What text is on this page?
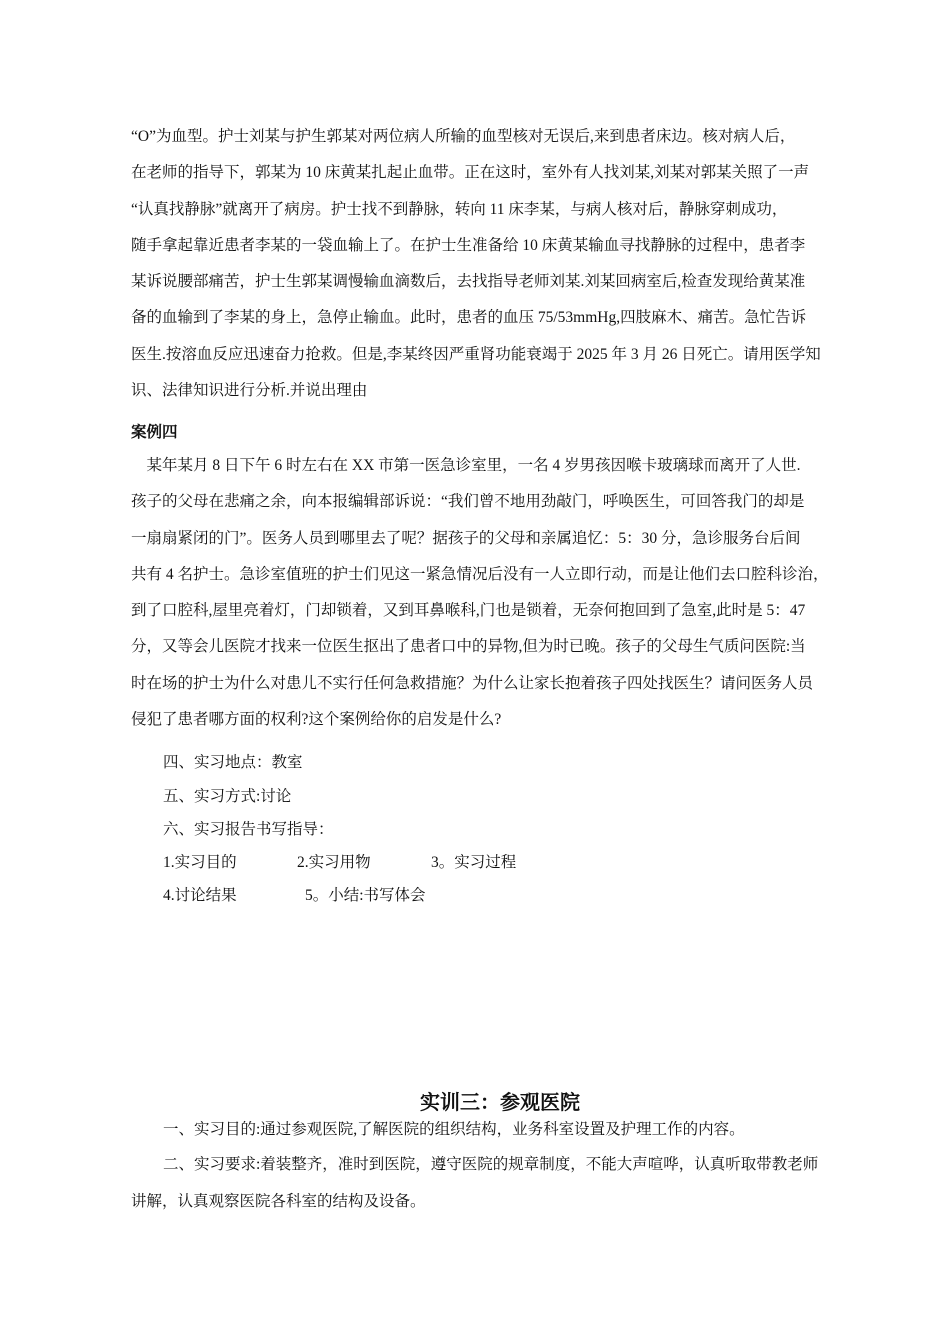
“O”为血型。护士刘某与护生郭某对两位病人所输的血型核对无误后,来到患者床边。核对病人后，
在老师的指导下，郭某为 10 床黄某扎起止血带。正在这时，室外有人找刘某,刘某对郭某关照了一声
“认真找静脉”就离开了病房。护士找不到静脉，转向 11 床李某，与病人核对后，静脉穿刺成功，
随手拿起靠近患者李某的一袋血输上了。在护士生准备给 10 床黄某输血寻找静脉的过程中，患者李
某诉说腰部痛苦，护士生郭某调慢输血滴数后，去找指导老师刘某.刘某回病室后,检查发现给黄某准
备的血输到了李某的身上，急停止输血。此时，患者的血压 75/53mmHg,四肢麻木、痛苦。急忙告诉
医生.按溶血反应迅速奋力抢救。但是,李某终因严重肾功能衰竭于 2025 年 3 月 26 日死亡。请用医学知
识、法律知识进行分析.并说出理由

案例四

　某年某月 8 日下午 6 时左右在 XX 市第一医急诊室里，一名 4 岁男孩因喉卡玻璃球而离开了人世.
孩子的父母在悲痛之余，向本报编辑部诉说：“我们曾不地用劲敲门，呼唤医生，可回答我门的却是
一扇扇紧闭的门”。医务人员到哪里去了呢？据孩子的父母和亲属追忆：5：30 分，急诊服务台后间
共有 4 名护士。急诊室值班的护士们见这一紧急情况后没有一人立即行动，而是让他们去口腔科诊治，
到了口腔科,屋里亮着灯，门却锁着，又到耳鼻喉科,门也是锁着，无奈何抱回到了急室,此时是 5：47
分，又等会儿医院才找来一位医生抠出了患者口中的异物,但为时已晚。孩子的父母生气质问医院:当
时在场的护士为什么对患儿不实行任何急救措施？为什么让家长抱着孩子四处找医生？请问医务人员
侵犯了患者哪方面的权利?这个案例给你的启发是什么?

四、实习地点：教室

五、实习方式:讨论

六、实习报告书写指导：

1.实习目的	2.实习用物	3。实习过程
4.讨论结果	5。小结:书写体会

实训三：参观医院

一、实习目的:通过参观医院,了解医院的组织结构，业务科室设置及护理工作的内容。

二、实习要求:着装整齐，准时到医院，遵守医院的规章制度，不能大声喧哗，认真听取带教老师
讲解，认真观察医院各科室的结构及设备。
